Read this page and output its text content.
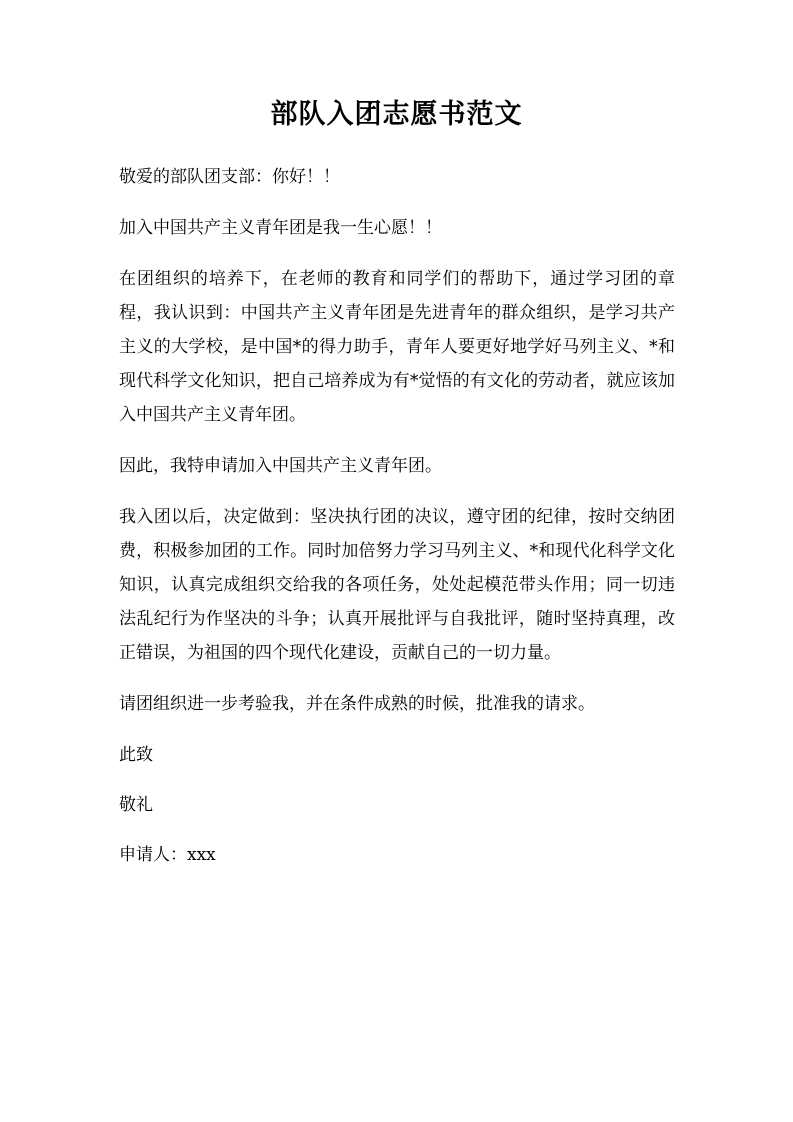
部队入团志愿书范文

敬爱的部队团支部：你好！！

加入中国共产主义青年团是我一生心愿！！

在团组织的培养下，在老师的教育和同学们的帮助下，通过学习团的章程，我认识到：中国共产主义青年团是先进青年的群众组织，是学习共产主义的大学校，是中国*的得力助手，青年人要更好地学好马列主义、*和现代科学文化知识，把自己培养成为有*觉悟的有文化的劳动者，就应该加入中国共产主义青年团。

因此，我特申请加入中国共产主义青年团。

我入团以后，决定做到：坚决执行团的决议，遵守团的纪律，按时交纳团费，积极参加团的工作。同时加倍努力学习马列主义、*和现代化科学文化知识，认真完成组织交给我的各项任务，处处起模范带头作用；同一切违法乱纪行为作坚决的斗争；认真开展批评与自我批评，随时坚持真理，改正错误，为祖国的四个现代化建设，贡献自己的一切力量。

请团组织进一步考验我，并在条件成熟的时候，批准我的请求。

此致

敬礼

申请人：xxx
